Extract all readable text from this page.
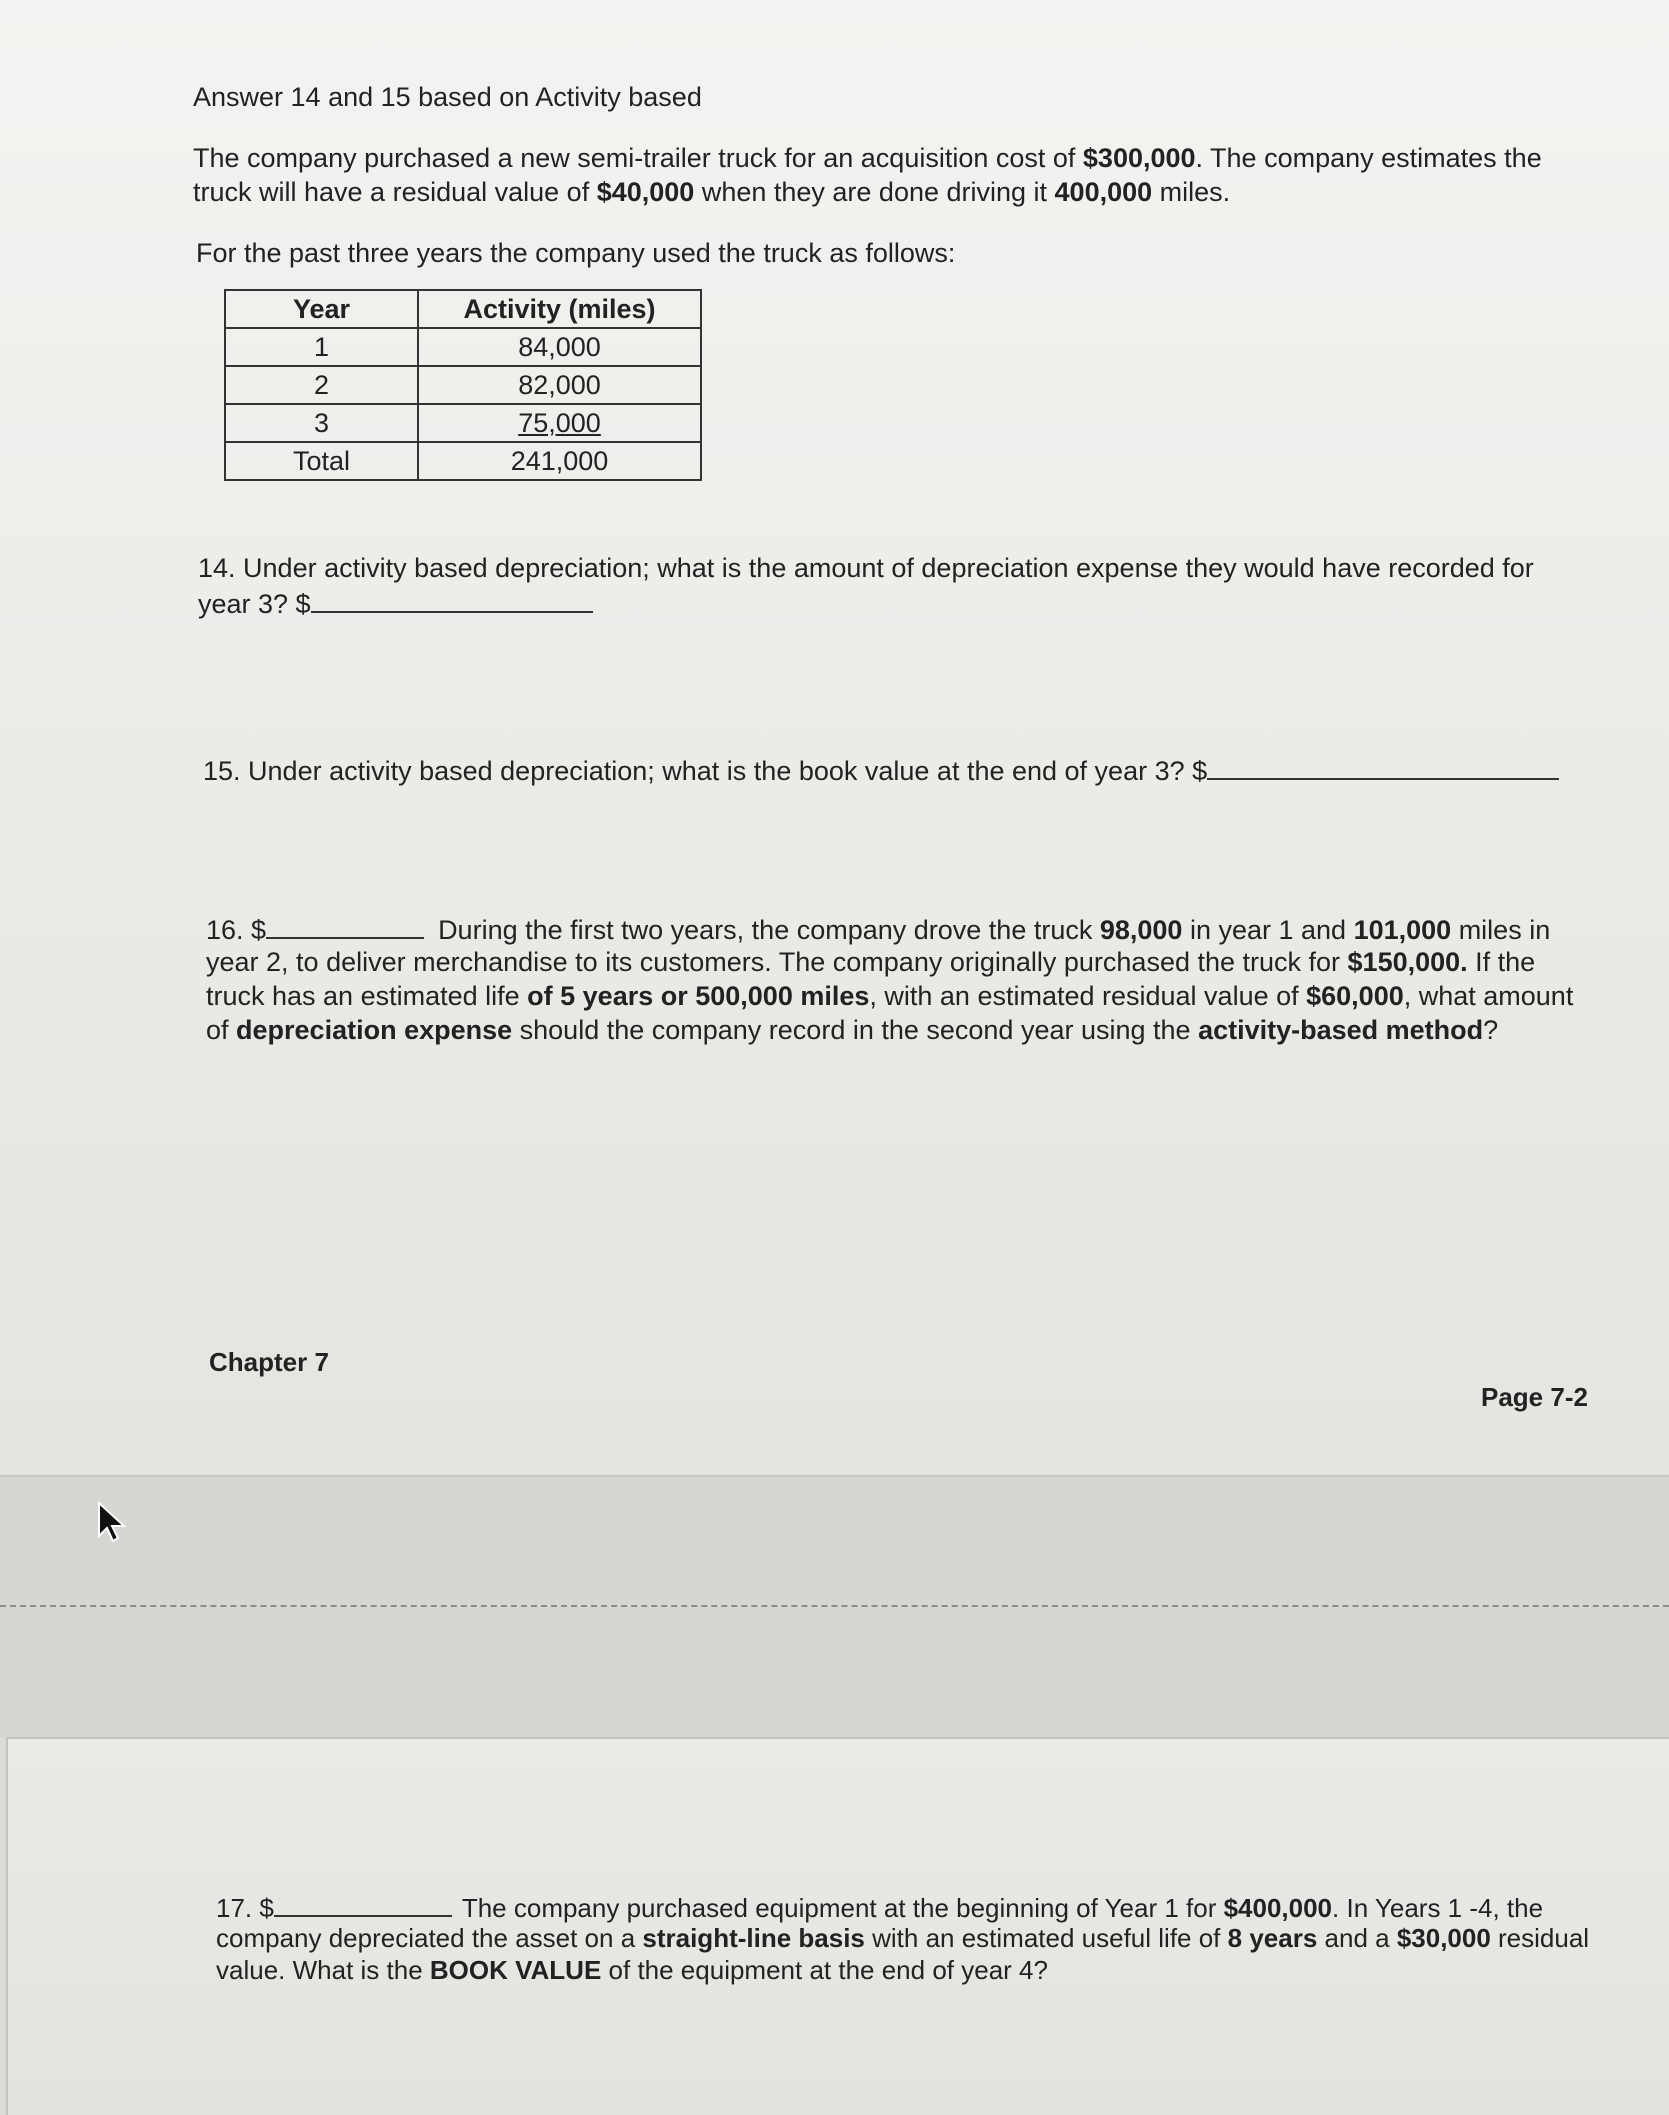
Answer 14 and 15 based on Activity based
The company purchased a new semi-trailer truck for an acquisition cost of $300,000. The company estimates the
truck will have a residual value of $40,000 when they are done driving it 400,000 miles.
For the past three years the company used the truck as follows:
Year	Activity (miles)
1	84,000
2	82,000
3	75,000
Total	241,000
14. Under activity based depreciation; what is the amount of depreciation expense they would have recorded for
year 3? $
15. Under activity based depreciation; what is the book value at the end of year 3? $
16. $	During the first two years, the company drove the truck 98,000 in year 1 and 101,000 miles in
year 2, to deliver merchandise to its customers. The company originally purchased the truck for $150,000. If the
truck has an estimated life of 5 years or 500,000 miles, with an estimated residual value of $60,000, what amount
of depreciation expense should the company record in the second year using the activity-based method?
Chapter 7
Page 7-2
17. $	The company purchased equipment at the beginning of Year 1 for $400,000. In Years 1 -4, the
company depreciated the asset on a straight-line basis with an estimated useful life of 8 years and a $30,000 residual
value. What is the BOOK VALUE of the equipment at the end of year 4?
